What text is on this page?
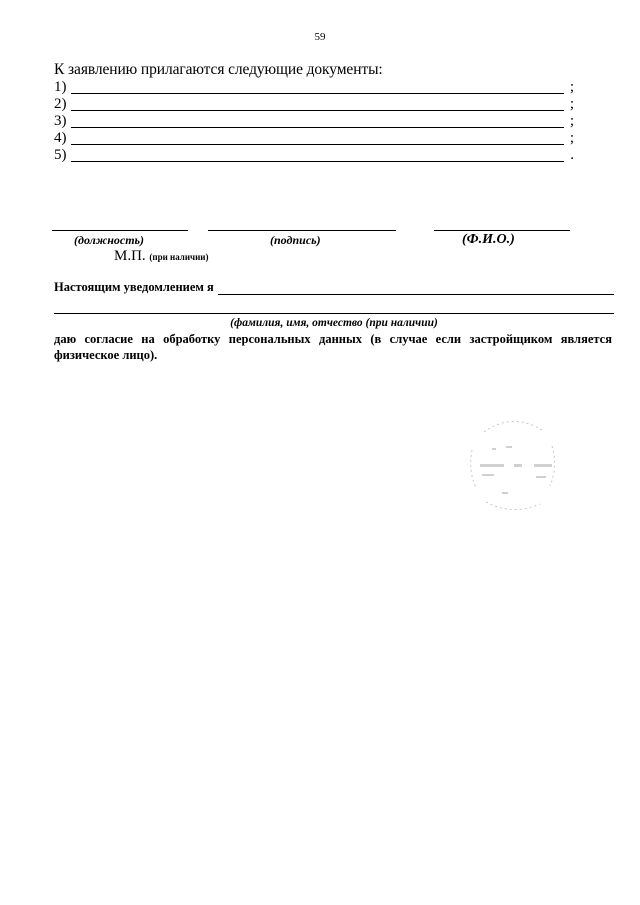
59
К заявлению прилагаются следующие документы:
1)	;
2)	;
3)	;
4)	;
5)	.
(должность)	(подпись)	(Ф.И.О.)
М.П. (при наличии)
Настоящим уведомлением я
(фамилия, имя, отчество (при наличии)
даю согласие на обработку персональных данных (в случае если застройщиком является физическое лицо).
